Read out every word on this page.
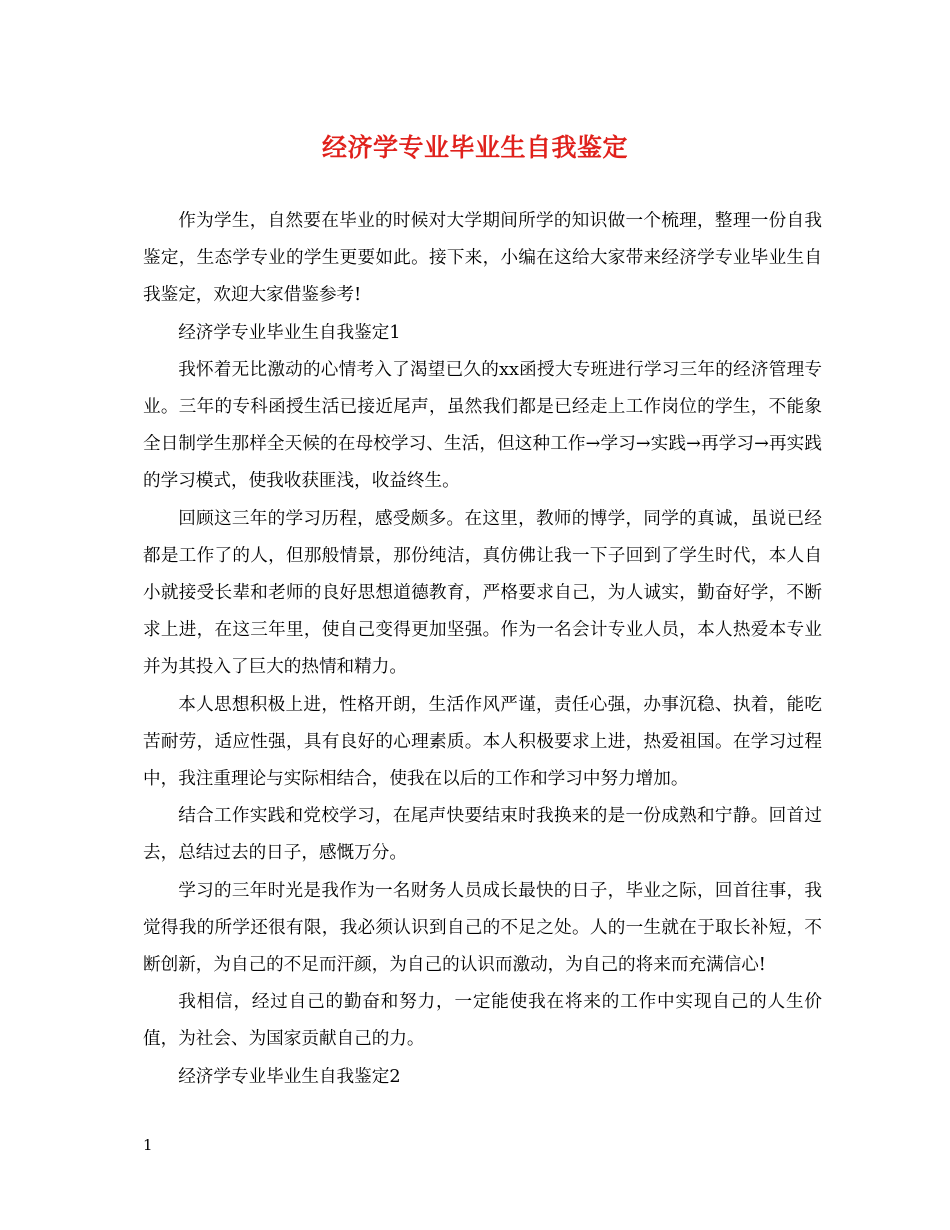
经济学专业毕业生自我鉴定

作为学生，自然要在毕业的时候对大学期间所学的知识做一个梳理，整理一份自我鉴定，生态学专业的学生更要如此。接下来，小编在这给大家带来经济学专业毕业生自我鉴定，欢迎大家借鉴参考!

经济学专业毕业生自我鉴定1

我怀着无比激动的心情考入了渴望已久的xx函授大专班进行学习三年的经济管理专业。三年的专科函授生活已接近尾声，虽然我们都是已经走上工作岗位的学生，不能象全日制学生那样全天候的在母校学习、生活，但这种工作→学习→实践→再学习→再实践的学习模式，使我收获匪浅，收益终生。

回顾这三年的学习历程，感受颇多。在这里，教师的博学，同学的真诚，虽说已经都是工作了的人，但那般情景，那份纯洁，真仿佛让我一下子回到了学生时代，本人自小就接受长辈和老师的良好思想道德教育，严格要求自己，为人诚实，勤奋好学，不断求上进，在这三年里，使自己变得更加坚强。作为一名会计专业人员，本人热爱本专业并为其投入了巨大的热情和精力。

本人思想积极上进，性格开朗，生活作风严谨，责任心强，办事沉稳、执着，能吃苦耐劳，适应性强，具有良好的心理素质。本人积极要求上进，热爱祖国。在学习过程中，我注重理论与实际相结合，使我在以后的工作和学习中努力增加。

结合工作实践和党校学习，在尾声快要结束时我换来的是一份成熟和宁静。回首过去，总结过去的日子，感慨万分。

学习的三年时光是我作为一名财务人员成长最快的日子，毕业之际，回首往事，我觉得我的所学还很有限，我必须认识到自己的不足之处。人的一生就在于取长补短，不断创新，为自己的不足而汗颜，为自己的认识而激动，为自己的将来而充满信心!

我相信，经过自己的勤奋和努力，一定能使我在将来的工作中实现自己的人生价值，为社会、为国家贡献自己的力。

经济学专业毕业生自我鉴定2

1
